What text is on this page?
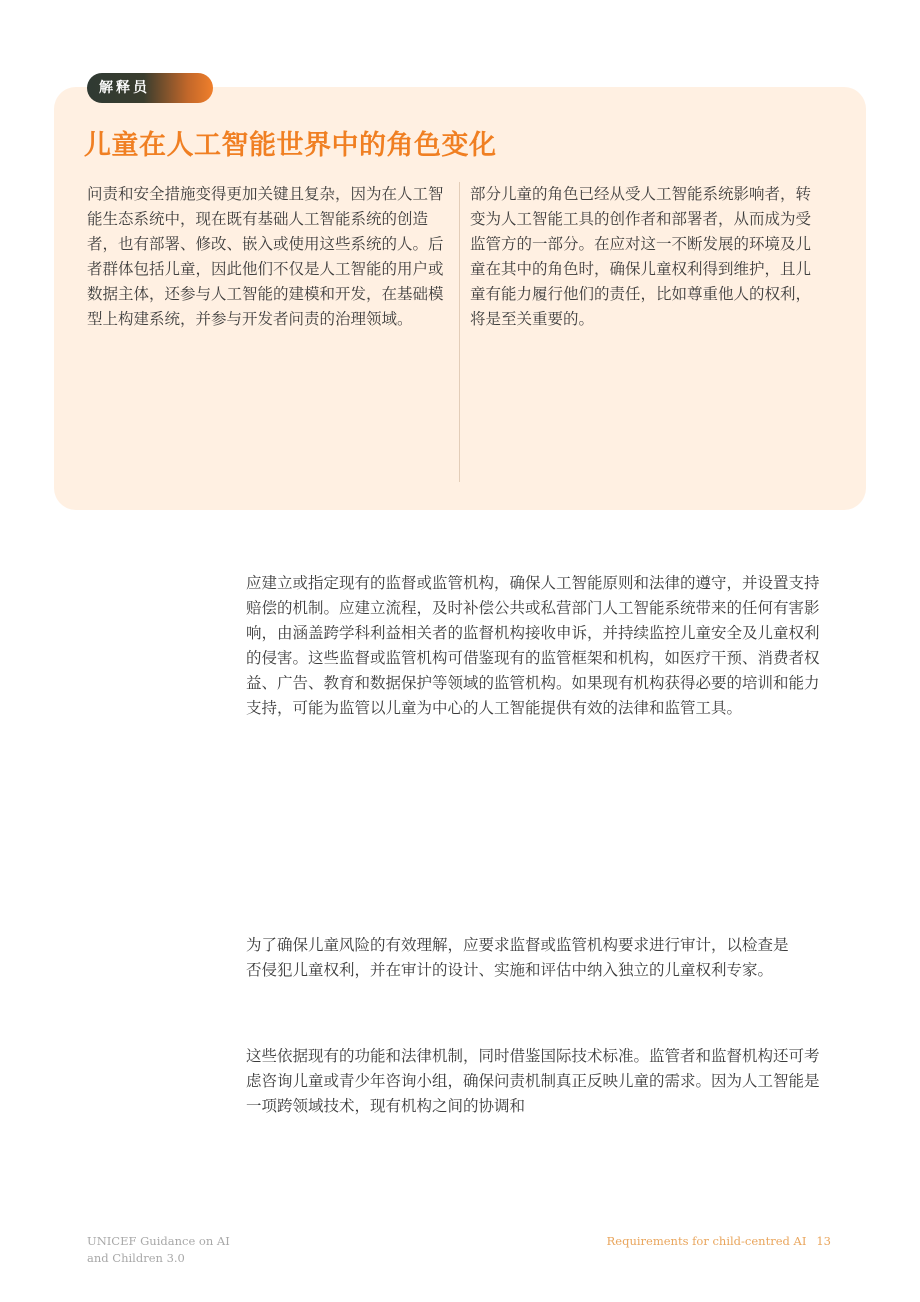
解释员
儿童在人工智能世界中的角色变化

问责和安全措施变得更加关键且复杂，因为在人工智能生态系统中，现在既有基础人工智能系统的创造者，也有部署、修改、嵌入或使用这些系统的人。后者群体包括儿童，因此他们不仅是人工智能的用户或数据主体，还参与人工智能的建模和开发，在基础模型上构建系统，并参与开发者问责的治理领域。

部分儿童的角色已经从受人工智能系统影响者，转变为人工智能工具的创作者和部署者，从而成为受监管方的一部分。在应对这一不断发展的环境及儿童在其中的角色时，确保儿童权利得到维护，且儿童有能力履行他们的责任，比如尊重他人的权利，将是至关重要的。

应建立或指定现有的监督或监管机构，确保人工智能原则和法律的遵守，并设置支持赔偿的机制。应建立流程，及时补偿公共或私营部门人工智能系统带来的任何有害影响，由涵盖跨学科利益相关者的监督机构接收申诉，并持续监控儿童安全及儿童权利的侵害。这些监督或监管机构可借鉴现有的监管框架和机构，如医疗干预、消费者权益、广告、教育和数据保护等领域的监管机构。如果现有机构获得必要的培训和能力支持，可能为监管以儿童为中心的人工智能提供有效的法律和监管工具。

为了确保儿童风险的有效理解，应要求监督或监管机构要求进行审计，以检查是否侵犯儿童权利，并在审计的设计、实施和评估中纳入独立的儿童权利专家。

这些依据现有的功能和法律机制，同时借鉴国际技术标准。监管者和监督机构还可考虑咨询儿童或青少年咨询小组，确保问责机制真正反映儿童的需求。因为人工智能是一项跨领域技术，现有机构之间的协调和

UNICEF Guidance on AI
and Children 3.0
Requirements for child-centred AI 13
